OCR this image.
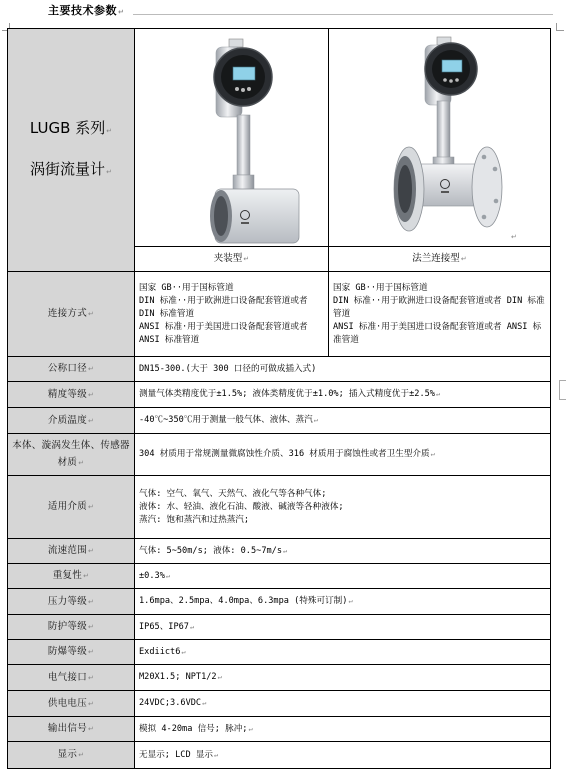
主要技术参数↵
LUGB 系列↵
涡街流量计↵		↵

	夹装型↵	法兰连接型↵
连接方式↵	国家 GB··用于国标管道
DIN 标准··用于欧洲进口设备配套管道或者 DIN 标准管道
ANSI 标准·用于美国进口设备配套管道或者 ANSI 标准管道	国家 GB··用于国标管道
DIN 标准··用于欧洲进口设备配套管道或者 DIN 标准管道
ANSI 标准·用于美国进口设备配套管道或者 ANSI 标准管道

公称口径↵	DN15-300.(大于 300 口径的可做成插入式)	
精度等级↵	测量气体类精度优于±1.5%; 液体类精度优于±1.0%; 插入式精度优于±2.5%↵	
介质温度↵	-40℃~350℃用于测量一般气体、液体、蒸汽↵	
本体、漩涡发生体、传感器材质↵	304 材质用于常规测量微腐蚀性介质、316 材质用于腐蚀性或者卫生型介质↵	
适用介质↵	气体: 空气、氧气、天然气、液化气等各种气体;
液体: 水、轻油、液化石油、酸液、碱液等各种液体;
蒸汽: 饱和蒸汽和过热蒸汽;	

流速范围↵	气体: 5~50m/s; 液体: 0.5~7m/s↵	
重复性↵	±0.3%↵	
压力等级↵	1.6mpa、2.5mpa、4.0mpa、6.3mpa (特殊可订制)↵	
防护等级↵	IP65、IP67↵	
防爆等级↵	Exdiict6↵	
电气接口↵	M20X1.5; NPT1/2↵	
供电电压↵	24VDC;3.6VDC↵	
输出信号↵	模拟 4-20ma 信号; 脉冲;↵	
显示↵	无显示; LCD 显示↵	
